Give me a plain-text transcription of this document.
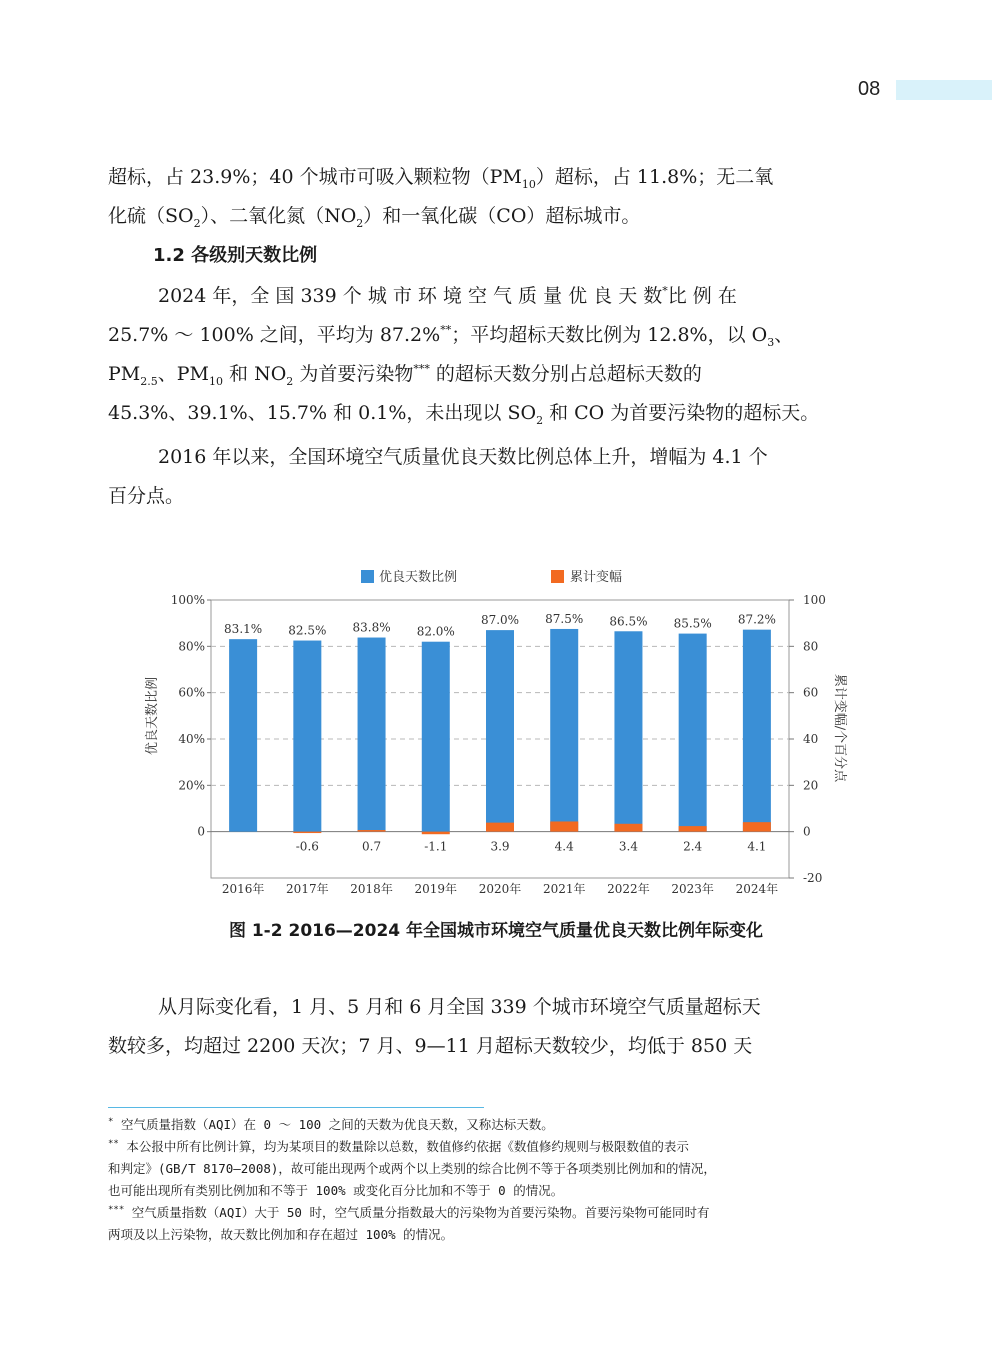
08
超标，占 23.9%；40 个城市可吸入颗粒物$(PM_{10})$超标，占 11.8%；无二氧
化硫$(SO_2)$、二氧化氮$(NO_2)$和一氧化碳（CO）超标城市。
1.2 各级别天数比例
2024 年，全 国 339 个 城 市 环 境 空 气 质 量 优 良 天 数*比 例 在
25.7% ～ 100% 之间，平均为 87.2%**；平均超标天数比例为 12.8%，以 $O_3$、
$PM_{2.5}$、$PM_{10}$ 和 $NO_2$ 为首要污染物*** 的超标天数分别占总超标天数的
45.3%、39.1%、15.7% 和 0.1%，未出现以 $SO_2$ 和 CO 为首要污染物的超标天。
2016 年以来，全国环境空气质量优良天数比例总体上升，增幅为 4.1 个
百分点。
优良天数比例	累计变幅
0
20%
40%
60%
80%
100%
-20
0
20
40
60
80
100
83.1% 82.5%
-0.6
83.8%
0.7
82.0%
-1.1
87.0%
3.9
87.5%
4.4
86.5%
3.4
85.5%
2.4
87.2%
4.1
2016年 2017年 2018年 2019年 2020年 2021年 2022年 2023年 2024年
优良天数比例	累计变幅/个百分点
图 1-2 2016—2024 年全国城市环境空气质量优良天数比例年际变化
从月际变化看，1 月、5 月和 6 月全国 339 个城市环境空气质量超标天
数较多，均超过 2200 天次；7 月、9—11 月超标天数较少，均低于 850 天
* 空气质量指数（AQI）在 0 ～ 100 之间的天数为优良天数，又称达标天数。
** 本公报中所有比例计算，均为某项目的数量除以总数，数值修约依据《数值修约规则与极限数值的表示
和判定》(GB/T 8170—2008)，故可能出现两个或两个以上类别的综合比例不等于各项类别比例加和的情况，
也可能出现所有类别比例加和不等于 100% 或变化百分比加和不等于 0 的情况。
*** 空气质量指数（AQI）大于 50 时，空气质量分指数最大的污染物为首要污染物。首要污染物可能同时有
两项及以上污染物，故天数比例加和存在超过 100% 的情况。
